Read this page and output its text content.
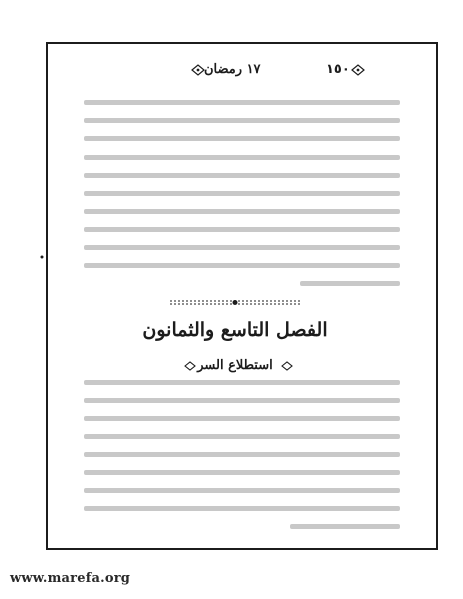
١٧ رمضان	١٥٠
الفصل التاسع والثمانون
استطلاع السر
www.marefa.org
